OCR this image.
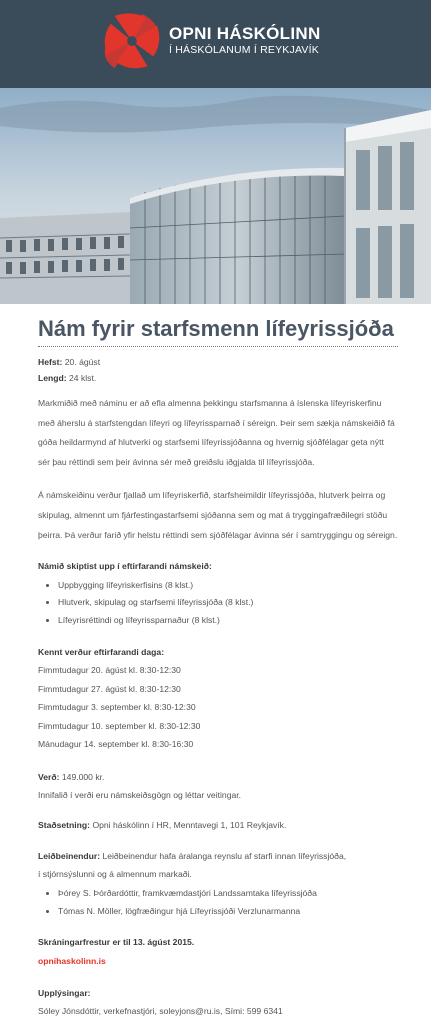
OPNI HÁSKÓLINN
Í HÁSKÓLANUM Í REYKJAVÍK
Nám fyrir starfsmenn lífeyrissjóða
Hefst: 20. ágúst
Lengd: 24 klst.
Markmiðið með náminu er að efla almenna þekkingu starfsmanna á íslenska lífeyriskerfinu með áherslu á starfstengdan lífeyri og lífeyrissparnað í séreign. Þeir sem sækja námskeiðið fá góða heildarmynd af hlutverki og starfsemi lífeyrissjóðanna og hvernig sjóðfélagar geta nýtt sér þau réttindi sem þeir ávinna sér með greiðslu iðgjalda til lífeyrissjóða.
Á námskeiðinu verður fjallað um lífeyriskerfið, starfsheimildir lífeyrissjóða, hlutverk þeirra og skipulag, almennt um fjárfestingastarfsemi sjóðanna sem og mat á tryggingafræðilegri stöðu þeirra. Þá verður farið yfir helstu réttindi sem sjóðfélagar ávinna sér í samtryggingu og séreign.
Námið skiptist upp í eftirfarandi námskeið:
• Uppbygging lífeyriskerfisins (8 klst.)
• Hlutverk, skipulag og starfsemi lífeyrissjóða (8 klst.)
• Lífeyrisréttindi og lífeyrissparnaður (8 klst.)
Kennt verður eftirfarandi daga:
Fimmtudagur 20. ágúst kl. 8:30-12:30
Fimmtudagur 27. ágúst kl. 8:30-12:30
Fimmtudagur 3. september kl. 8:30-12:30
Fimmtudagur 10. september kl. 8:30-12:30
Mánudagur 14. september kl. 8:30-16:30
Verð: 149.000 kr.
Innifalið í verði eru námskeiðsgögn og léttar veitingar.
Staðsetning: Opni háskólinn í HR, Menntavegi 1, 101 Reykjavík.
Leiðbeinendur: Leiðbeinendur hafa áralanga reynslu af starfi innan lífeyrissjóða,
í stjórnsýslunni og á almennum markaði.
• Þórey S. Þórðardóttir, framkvæmdastjóri Landssamtaka lífeyrissjóða
• Tómas N. Möller, lögfræðingur hjá Lífeyrissjóði Verzlunarmanna
Skráningarfrestur er til 13. ágúst 2015.
opnihaskolinn.is
Upplýsingar:
Sóley Jónsdóttir, verkefnastjóri, soleyjons@ru.is, Sími: 599 6341
